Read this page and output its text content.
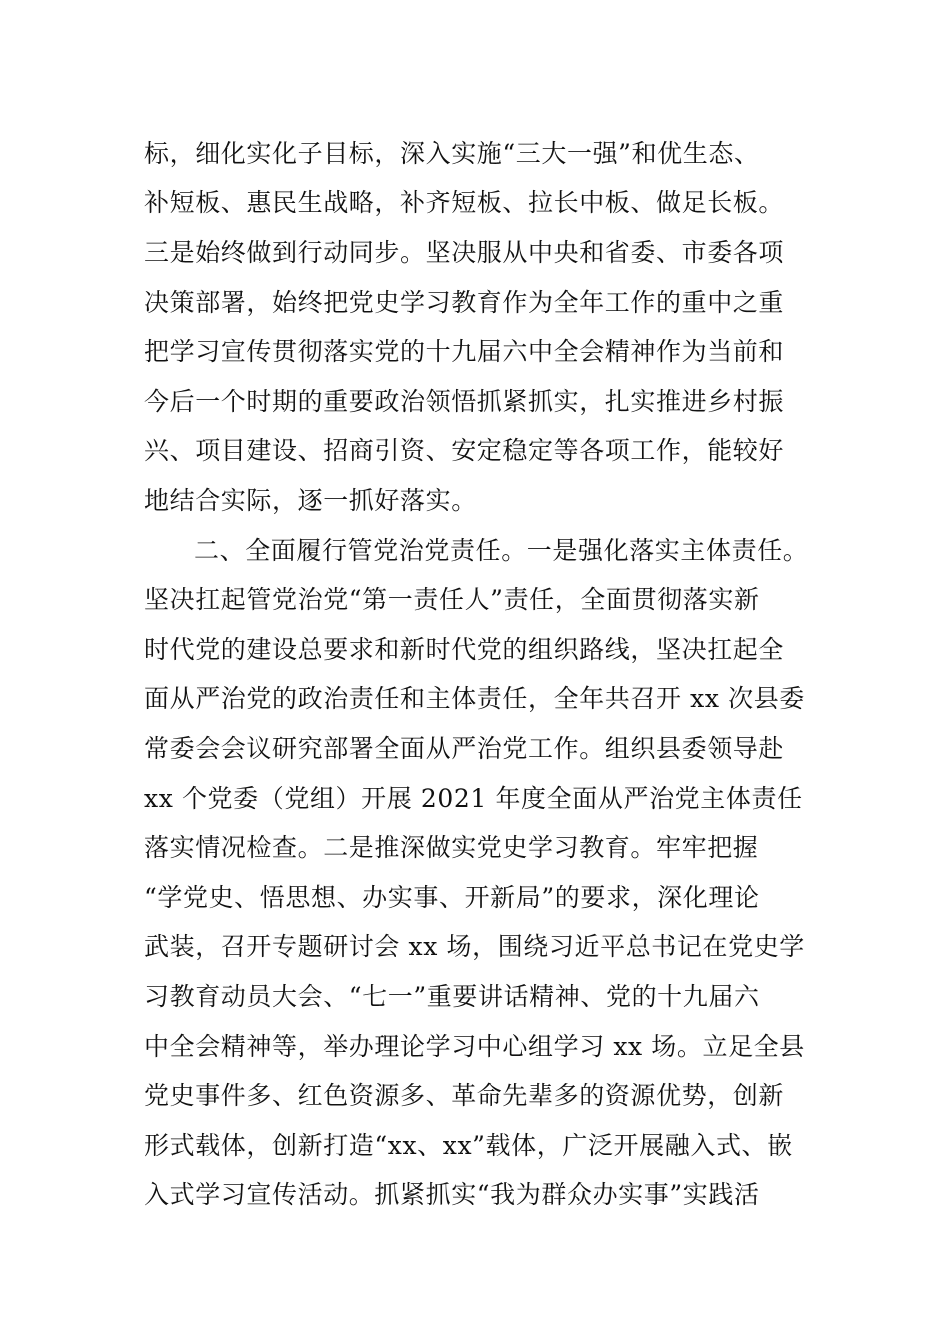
标，细化实化子目标，深入实施“三大一强”和优生态、
补短板、惠民生战略，补齐短板、拉长中板、做足长板。
三是始终做到行动同步。坚决服从中央和省委、市委各项
决策部署，始终把党史学习教育作为全年工作的重中之重
把学习宣传贯彻落实党的十九届六中全会精神作为当前和
今后一个时期的重要政治领悟抓紧抓实，扎实推进乡村振
兴、项目建设、招商引资、安定稳定等各项工作，能较好
地结合实际，逐一抓好落实。
二、全面履行管党治党责任。一是强化落实主体责任。
坚决扛起管党治党“第一责任人”责任，全面贯彻落实新
时代党的建设总要求和新时代党的组织路线，坚决扛起全
面从严治党的政治责任和主体责任，全年共召开 xx 次县委
常委会会议研究部署全面从严治党工作。组织县委领导赴
xx 个党委（党组）开展 2021 年度全面从严治党主体责任
落实情况检查。二是推深做实党史学习教育。牢牢把握
“学党史、悟思想、办实事、开新局”的要求，深化理论
武装，召开专题研讨会 xx 场，围绕习近平总书记在党史学
习教育动员大会、“七一”重要讲话精神、党的十九届六
中全会精神等，举办理论学习中心组学习 xx 场。立足全县
党史事件多、红色资源多、革命先辈多的资源优势，创新
形式载体，创新打造“xx、xx”载体，广泛开展融入式、嵌
入式学习宣传活动。抓紧抓实“我为群众办实事”实践活
